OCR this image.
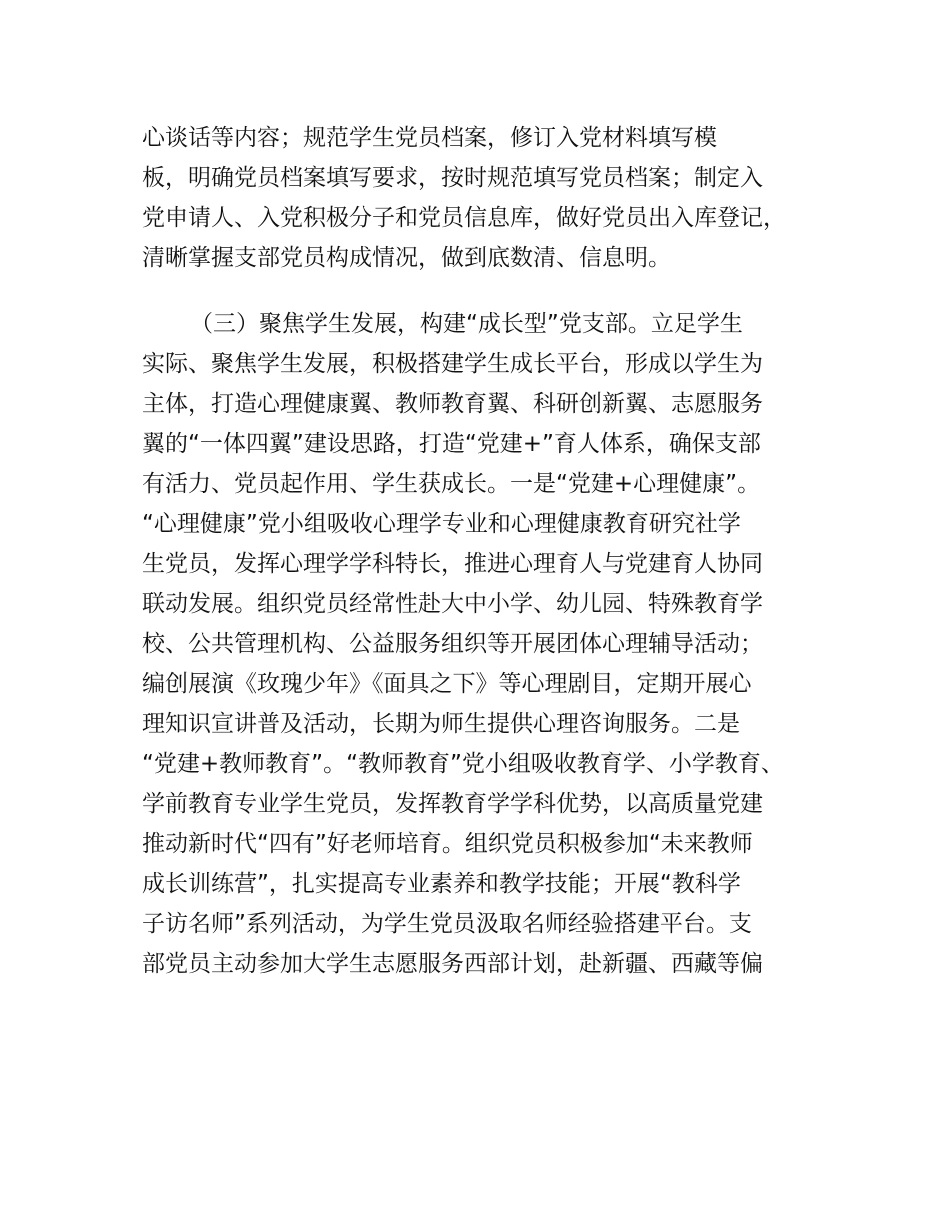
心谈话等内容；规范学生党员档案，修订入党材料填写模
板，明确党员档案填写要求，按时规范填写党员档案；制定入
党申请人、入党积极分子和党员信息库，做好党员出入库登记，
清晰掌握支部党员构成情况，做到底数清、信息明。
（三）聚焦学生发展，构建“成长型”党支部。立足学生
实际、聚焦学生发展，积极搭建学生成长平台，形成以学生为
主体，打造心理健康翼、教师教育翼、科研创新翼、志愿服务
翼的“一体四翼”建设思路，打造“党建+”育人体系，确保支部
有活力、党员起作用、学生获成长。一是“党建+心理健康”。
“心理健康”党小组吸收心理学专业和心理健康教育研究社学
生党员，发挥心理学学科特长，推进心理育人与党建育人协同
联动发展。组织党员经常性赴大中小学、幼儿园、特殊教育学
校、公共管理机构、公益服务组织等开展团体心理辅导活动；
编创展演《玫瑰少年》《面具之下》等心理剧目，定期开展心
理知识宣讲普及活动，长期为师生提供心理咨询服务。二是
“党建+教师教育”。“教师教育”党小组吸收教育学、小学教育、
学前教育专业学生党员，发挥教育学学科优势，以高质量党建
推动新时代“四有”好老师培育。组织党员积极参加“未来教师
成长训练营”，扎实提高专业素养和教学技能；开展“教科学
子访名师”系列活动，为学生党员汲取名师经验搭建平台。支
部党员主动参加大学生志愿服务西部计划，赴新疆、西藏等偏
